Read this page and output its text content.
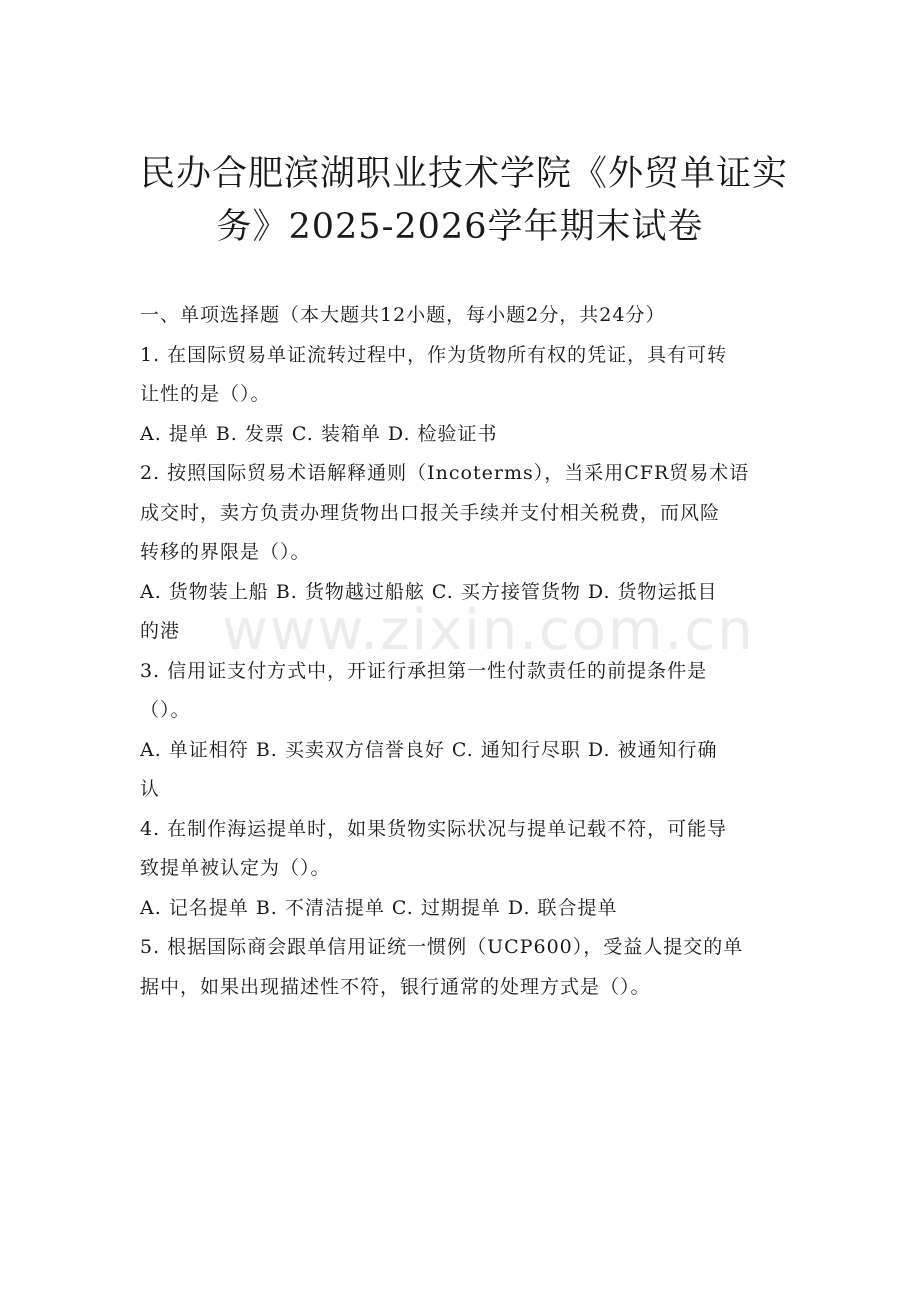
民办合肥滨湖职业技术学院《外贸单证实
务》2025-2026学年期末试卷

一、单项选择题（本大题共12小题，每小题2分，共24分）

1. 在国际贸易单证流转过程中，作为货物所有权的凭证，具有可转

让性的是（）。

A. 提单 B. 发票 C. 装箱单 D. 检验证书

2. 按照国际贸易术语解释通则（Incoterms），当采用CFR贸易术语

成交时，卖方负责办理货物出口报关手续并支付相关税费，而风险

转移的界限是（）。

A. 货物装上船 B. 货物越过船舷 C. 买方接管货物 D. 货物运抵目

的港

3. 信用证支付方式中，开证行承担第一性付款责任的前提条件是

（）。

A. 单证相符 B. 买卖双方信誉良好 C. 通知行尽职 D. 被通知行确

认

4. 在制作海运提单时，如果货物实际状况与提单记载不符，可能导

致提单被认定为（）。

A. 记名提单 B. 不清洁提单 C. 过期提单 D. 联合提单

5. 根据国际商会跟单信用证统一惯例（UCP600），受益人提交的单

据中，如果出现描述性不符，银行通常的处理方式是（）。

www.zixin.com.cn
